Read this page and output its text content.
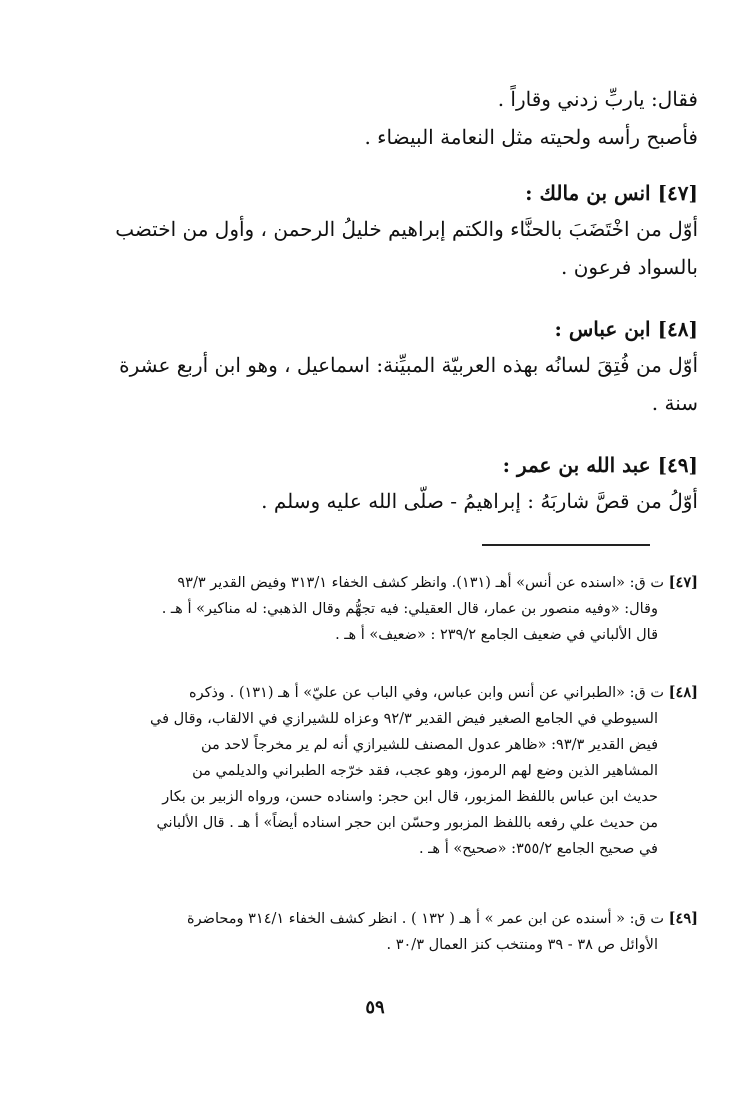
فقال: ياربِّ زدني وقاراً .
فأصبح رأسه ولحيته مثل النعامة البيضاء .
[٤٧] انس بن مالك :
أوّل من اخْتَضَبَ بالحنَّاء والكتم إبراهيم خليلُ الرحمن ، وأول من اختضب
بالسواد فرعون .
[٤٨] ابن عباس :
أوّل من فُتِقَ لسانُه بهذه العربيّة المبيِّنة: اسماعيل ، وهو ابن أربع عشرة
سنة .
[٤٩] عبد الله بن عمر :
أوّلُ من قصَّ شاربَهُ : إبراهيمُ - صلّى الله عليه وسلم .
[٤٧] ت ق: «اسنده عن أنس» أهـ (١٣١). وانظر كشف الخفاء ٣١٣/١ وفيض القدير ٩٣/٣
وقال: «وفيه منصور بن عمار، قال العقيلي: فيه تجهُّم وقال الذهبي: له مناكير» أ هـ .
قال الألباني في ضعيف الجامع ٢٣٩/٢ : «ضعيف» أ هـ .
[٤٨] ت ق: «الطبراني عن أنس وابن عباس، وفي الباب عن عليّ» أ هـ (١٣١) . وذكره
السيوطي في الجامع الصغير فيض القدير ٩٢/٣ وعزاه للشيرازي في الالقاب، وقال في
فيض القدير ٩٣/٣: «ظاهر عدول المصنف للشيرازي أنه لم ير مخرجاً لاحد من
المشاهير الذين وضع لهم الرموز، وهو عجب، فقد خرّجه الطبراني والديلمي من
حديث ابن عباس باللفظ المزبور، قال ابن حجر: واسناده حسن، ورواه الزبير بن بكار
من حديث علي رفعه باللفظ المزبور وحسّن ابن حجر اسناده أيضاً» أ هـ . قال الألباني
في صحيح الجامع ٣٥٥/٢: «صحيح» أ هـ .
[٤٩] ت ق: « أسنده عن ابن عمر » أ هـ ( ١٣٢ ) . انظر كشف الخفاء ٣١٤/١ ومحاضرة
الأوائل ص ٣٨ - ٣٩ ومنتخب كنز العمال ٣٠/٣ .
٥٩
